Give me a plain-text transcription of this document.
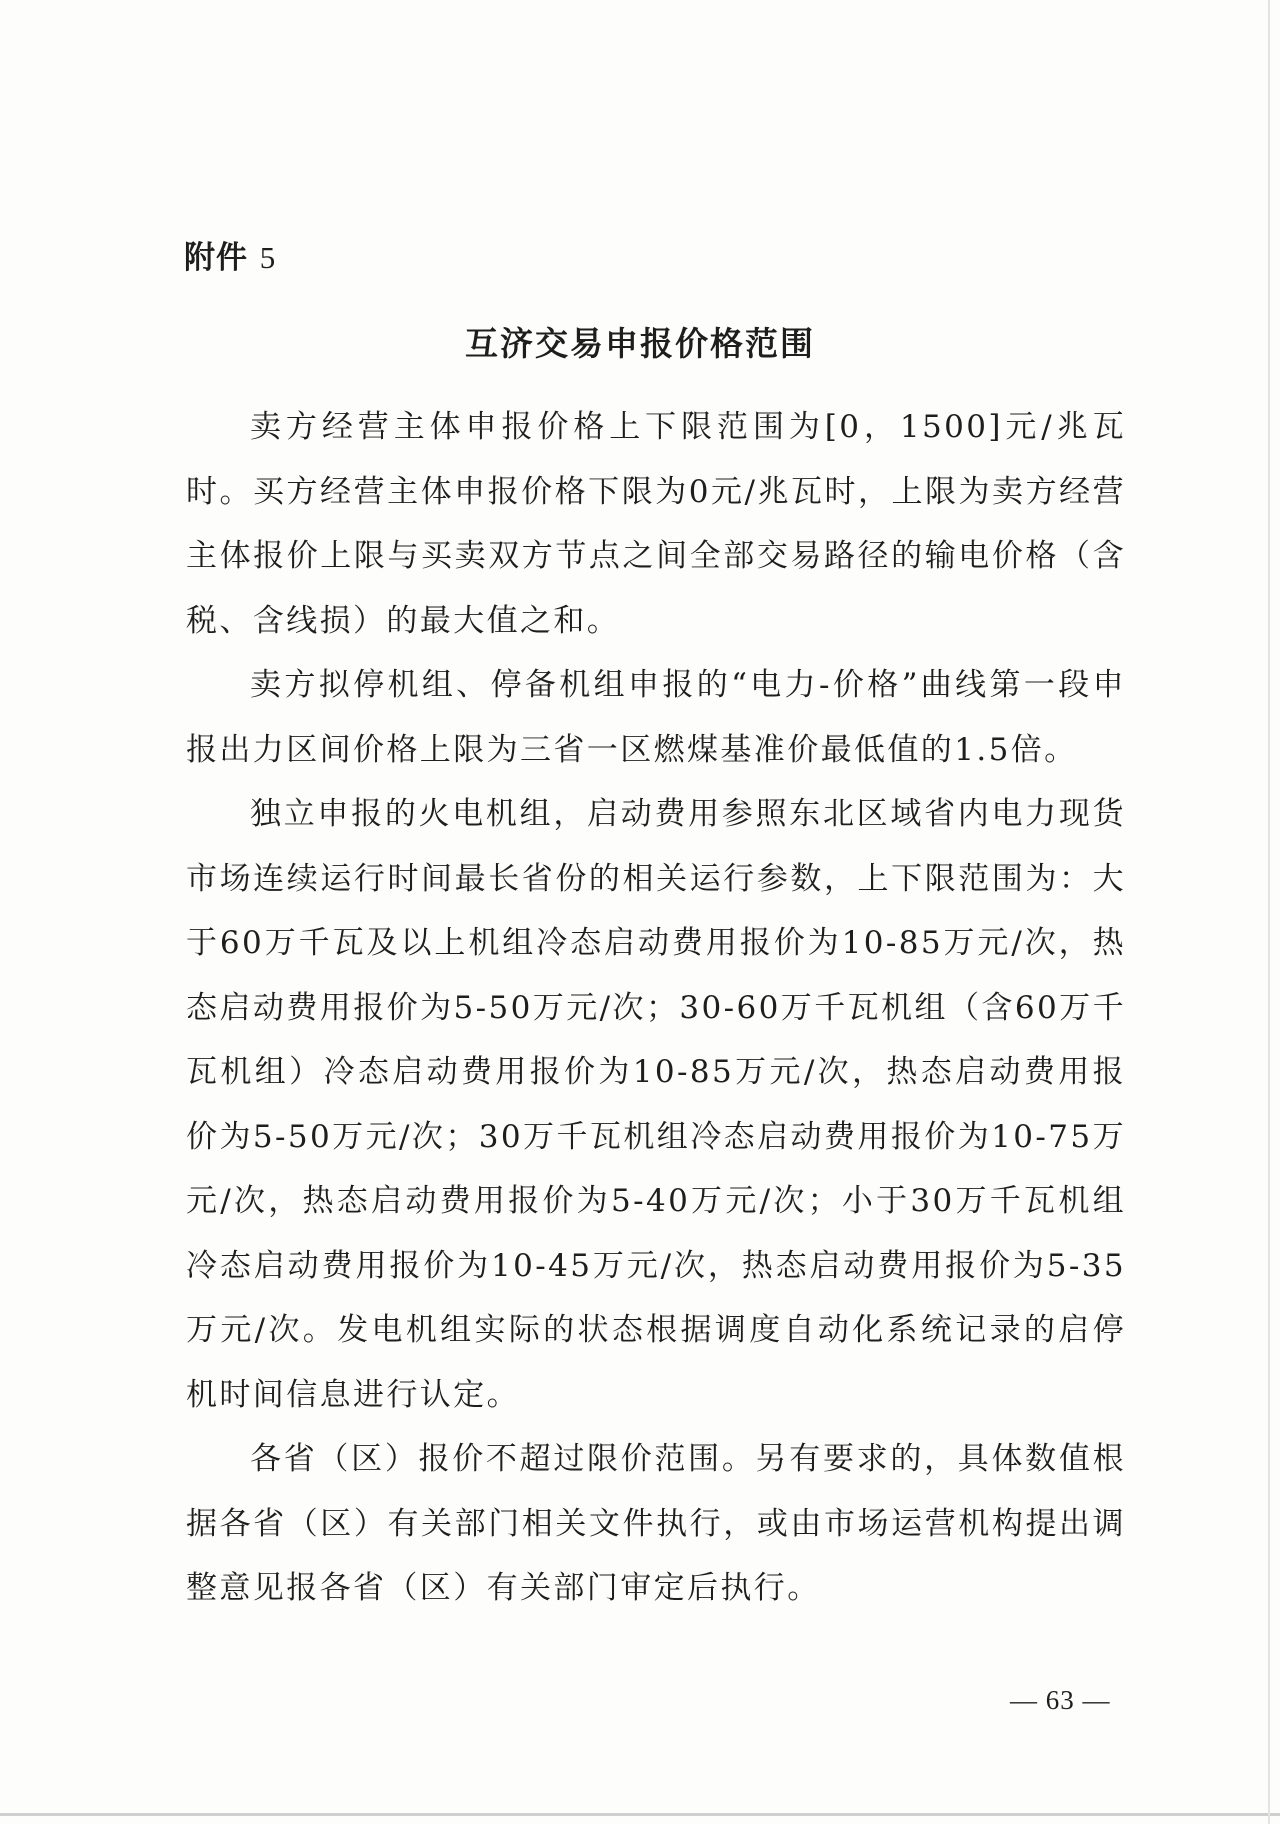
附件 5
互济交易申报价格范围

卖方经营主体申报价格上下限范围为[0，1500]元/兆瓦时。买方经营主体申报价格下限为0元/兆瓦时，上限为卖方经营主体报价上限与买卖双方节点之间全部交易路径的输电价格（含税、含线损）的最大值之和。

卖方拟停机组、停备机组申报的“电力-价格”曲线第一段申报出力区间价格上限为三省一区燃煤基准价最低值的1.5倍。

独立申报的火电机组，启动费用参照东北区域省内电力现货市场连续运行时间最长省份的相关运行参数，上下限范围为：大于60万千瓦及以上机组冷态启动费用报价为10-85万元/次，热态启动费用报价为5-50万元/次；30-60万千瓦机组（含60万千瓦机组）冷态启动费用报价为10-85万元/次，热态启动费用报价为5-50万元/次；30万千瓦机组冷态启动费用报价为10-75万元/次，热态启动费用报价为5-40万元/次；小于30万千瓦机组冷态启动费用报价为10-45万元/次，热态启动费用报价为5-35万元/次。发电机组实际的状态根据调度自动化系统记录的启停机时间信息进行认定。

各省（区）报价不超过限价范围。另有要求的，具体数值根据各省（区）有关部门相关文件执行，或由市场运营机构提出调整意见报各省（区）有关部门审定后执行。

— 63 —
